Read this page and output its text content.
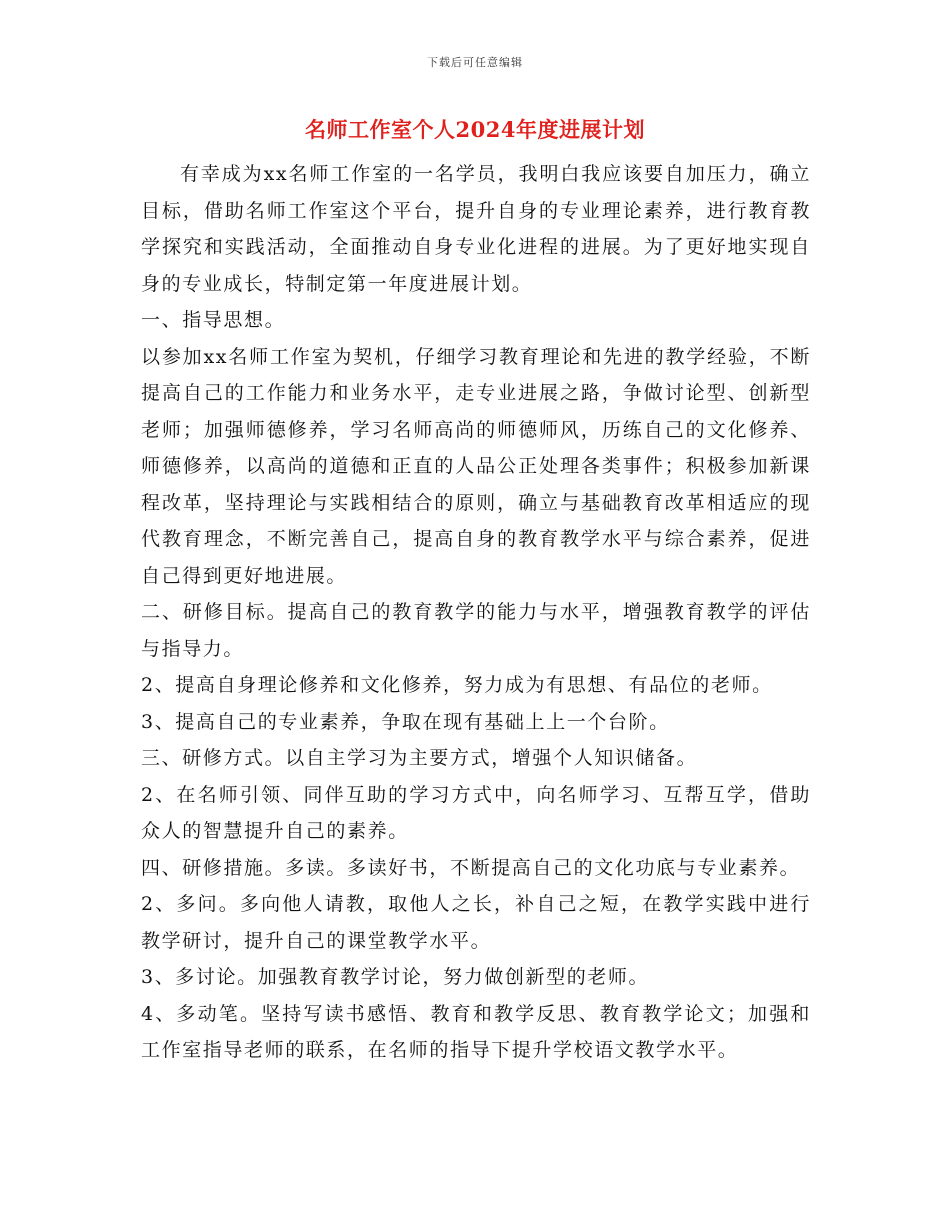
下载后可任意编辑
名师工作室个人2024年度进展计划

有幸成为xx名师工作室的一名学员，我明白我应该要自加压力，确立目标，借助名师工作室这个平台，提升自身的专业理论素养，进行教育教学探究和实践活动，全面推动自身专业化进程的进展。为了更好地实现自身的专业成长，特制定第一年度进展计划。

一、指导思想。

以参加xx名师工作室为契机，仔细学习教育理论和先进的教学经验，不断提高自己的工作能力和业务水平，走专业进展之路，争做讨论型、创新型老师；加强师德修养，学习名师高尚的师德师风，历练自己的文化修养、师德修养，以高尚的道德和正直的人品公正处理各类事件；积极参加新课程改革，坚持理论与实践相结合的原则，确立与基础教育改革相适应的现代教育理念，不断完善自己，提高自身的教育教学水平与综合素养，促进自己得到更好地进展。

二、研修目标。提高自己的教育教学的能力与水平，增强教育教学的评估与指导力。

2、提高自身理论修养和文化修养，努力成为有思想、有品位的老师。

3、提高自己的专业素养，争取在现有基础上上一个台阶。

三、研修方式。以自主学习为主要方式，增强个人知识储备。

2、在名师引领、同伴互助的学习方式中，向名师学习、互帮互学，借助众人的智慧提升自己的素养。

四、研修措施。多读。多读好书，不断提高自己的文化功底与专业素养。

2、多问。多向他人请教，取他人之长，补自己之短，在教学实践中进行教学研讨，提升自己的课堂教学水平。

3、多讨论。加强教育教学讨论，努力做创新型的老师。

4、多动笔。坚持写读书感悟、教育和教学反思、教育教学论文；加强和工作室指导老师的联系，在名师的指导下提升学校语文教学水平。
